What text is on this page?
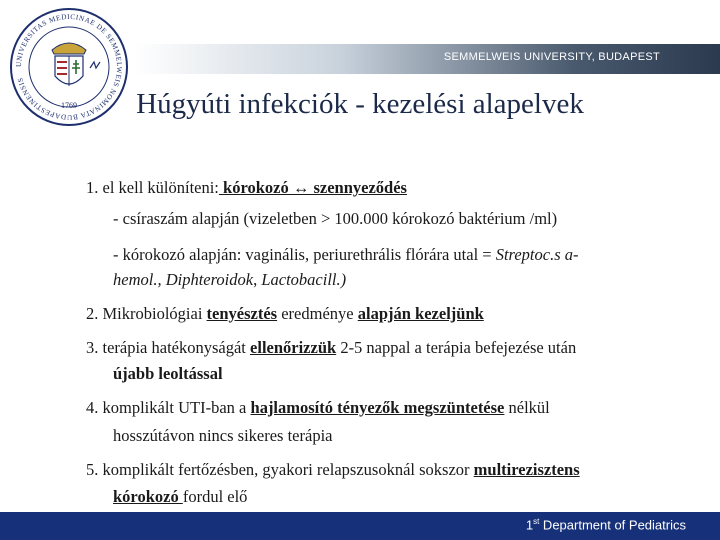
UNIVERSITAS MEDICINAE DE SEMMELWEIS NOMINATA BUDAPESTINENSIS
1769
SEMMELWEIS UNIVERSITY, BUDAPEST
Húgyúti infekciók - kezelési alapelvek
1. el kell különíteni: kórokozó ↔ szennyeződés
- csíraszám alapján (vizeletben > 100.000 kórokozó baktérium /ml)
- kórokozó alapján: vaginális, periurethrális flórára utal = Streptoc.s a-
hemol., Diphteroidok, Lactobacill.)
2. Mikrobiológiai tenyésztés eredménye alapján kezeljünk
3. terápia hatékonyságát ellenőrizzük 2-5 nappal a terápia befejezése után
újabb leoltással
4. komplikált UTI-ban a hajlamosító tényezők megszüntetése nélkül
hosszútávon nincs sikeres terápia
5. komplikált fertőzésben, gyakori relapszusoknál sokszor multirezisztens
kórokozó fordul elő
1st Department of Pediatrics
